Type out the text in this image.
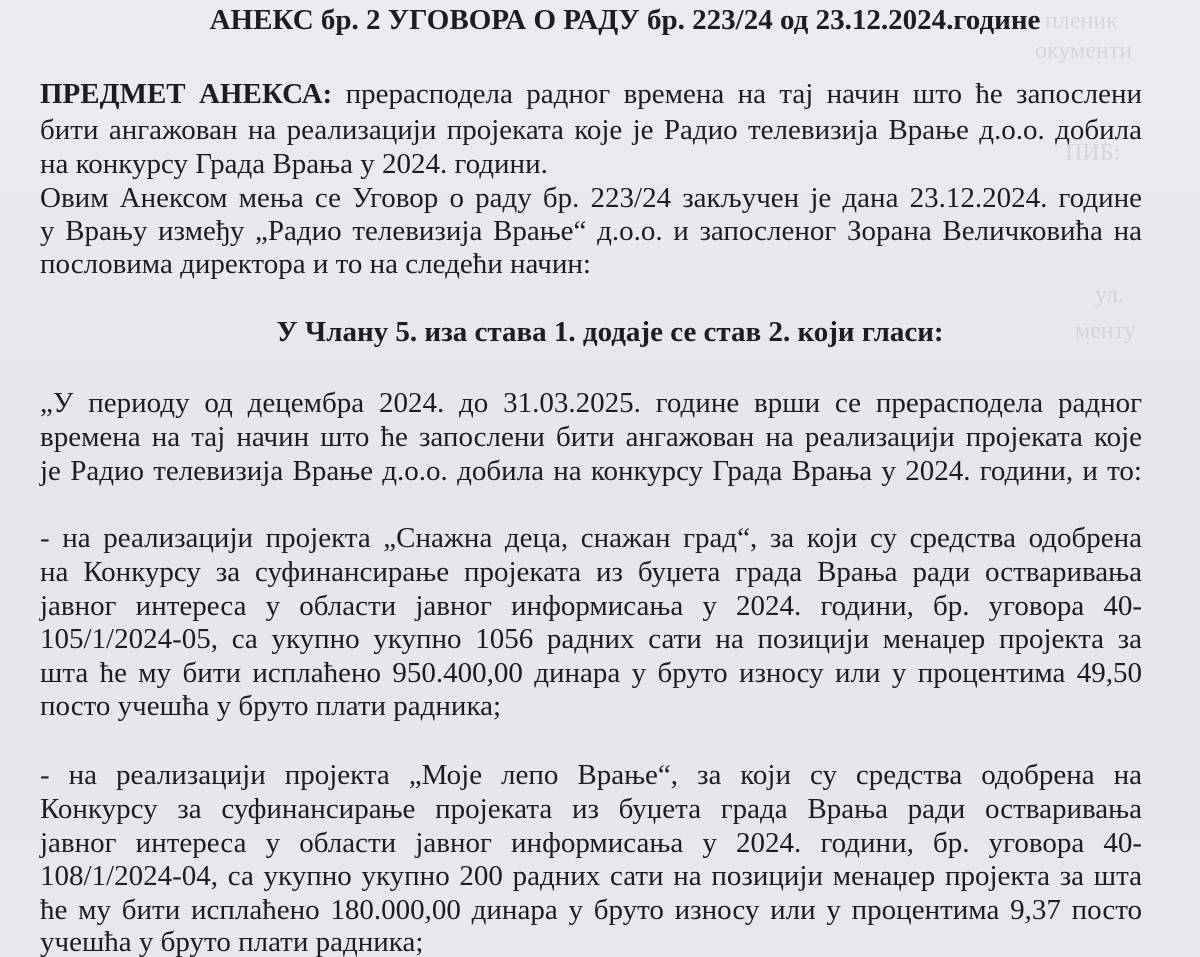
пленик
окументи
ПИБ:
ул.
менту
АНЕКС бр. 2 УГОВОРА О РАДУ бр. 223/24 од 23.12.2024.године
ПРЕДМЕТ АНЕКСА: прерасподела радног времена на тај начин што ће запослени
бити ангажован на реализацији пројеката које је Радио телевизија Врање д.о.о. добила
на конкурсу Града Врања у 2024. години.
Овим Анексом мења се Уговор о раду бр. 223/24 закључен је дана 23.12.2024. године
у Врању између „Радио телевизија Врање“ д.о.о. и запосленог Зорана Величковића на
пословима директора и то на следећи начин:
У Члану 5. иза става 1. додаје се став 2. који гласи:
„У периоду од децембра 2024. до 31.03.2025. године врши се прерасподела радног
времена на тај начин што ће запослени бити ангажован на реализацији пројеката које
је Радио телевизија Врање д.о.о. добила на конкурсу Града Врања у 2024. години, и то:
- на реализацији пројекта „Снажна деца, снажан град“, за који су средства одобрена
на Конкурсу за суфинансирање пројеката из буџета града Врања ради остваривања
јавног интереса у области јавног информисања у 2024. години, бр. уговора 40-
105/1/2024-05, са укупно укупно 1056 радних сати на позицији менаџер пројекта за
шта ће му бити исплаћено 950.400,00 динара у бруто износу или у процентима 49,50
посто учешћа у бруто плати радника;
- на реализацији пројекта „Моје лепо Врање“, за који су средства одобрена на
Конкурсу за суфинансирање пројеката из буџета града Врања ради остваривања
јавног интереса у области јавног информисања у 2024. години, бр. уговора 40-
108/1/2024-04, са укупно укупно 200 радних сати на позицији менаџер пројекта за шта
ће му бити исплаћено 180.000,00 динара у бруто износу или у процентима 9,37 посто
учешћа у бруто плати радника;
